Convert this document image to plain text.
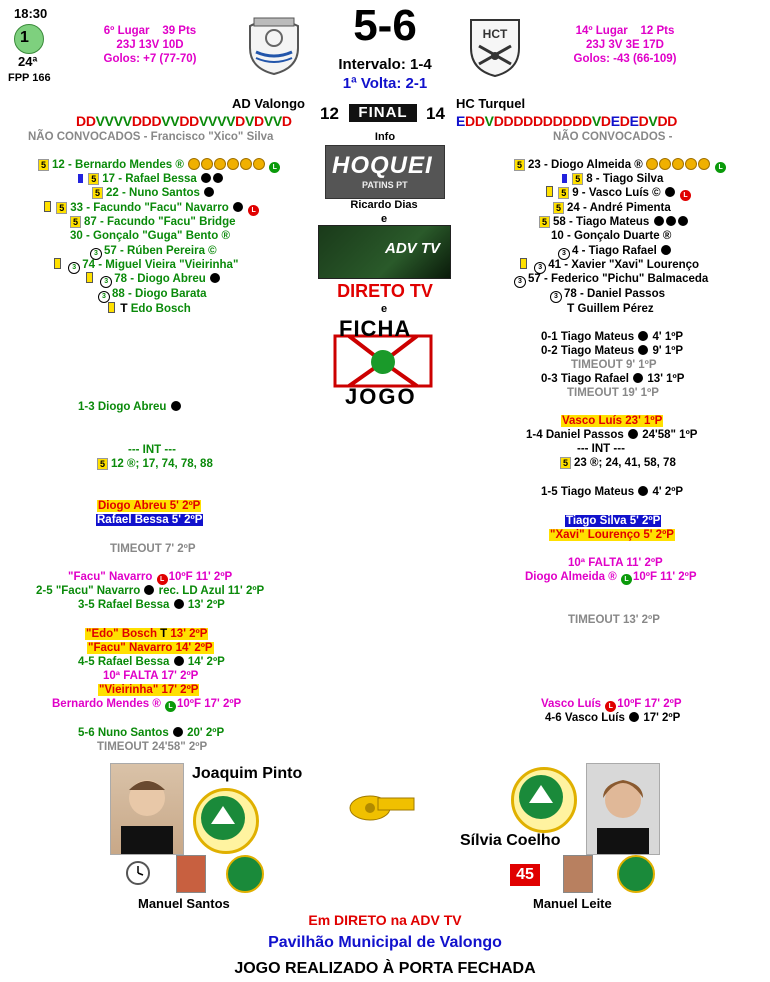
18:30
1
24ª
FPP 166
6º Lugar 39 Pts
23J 13V 10D
Golos: +7 (77-70)
5-6
Intervalo: 1-4
1ª Volta: 2-1
HCT	14º Lugar 12 Pts
23J 3V 3E 17D
Golos: -43 (66-109)
AD Valongo	HC Turquel
DDVVVVDDDVVDDVVVVDVDVVD 12	FINAL	14 EDDVDDDDDDDDDDVDEDEDVDD
NÃO CONVOCADOS - Francisco "Xico" Silva	NÃO CONVOCADOS -
Info
HOQUEI
PATINS PT
Ricardo Dias
e
ADV TV
DIRETO TV
e
FICHA
JOGO
5 12 - Bernardo Mendes ®	L
5 17 - Rafael Bessa
5 22 - Nuno Santos
5 33 - Facundo "Facu" Navarro	L
5 87 - Facundo "Facu" Bridge
30 - Gonçalo "Guga" Bento ®
3 57 - Rúben Pereira ©
3 74 - Miguel Vieira "Vieirinha"
3 78 - Diogo Abreu
3 88 - Diogo Barata
T Edo Bosch
5 23 - Diogo Almeida ®	L
5 8 - Tiago Silva
5 9 - Vasco Luís ©	L
5 24 - André Pimenta
5 58 - Tiago Mateus
10 - Gonçalo Duarte ®
3 4 - Tiago Rafael
3 41 - Xavier "Xavi" Lourenço
3 57 - Federico "Pichu" Balmaceda
3 78 - Daniel Passos
T Guillem Pérez
0-1 Tiago Mateus 4' 1ºP
0-2 Tiago Mateus 9' 1ºP
TIMEOUT 9' 1ºP
0-3 Tiago Rafael 13' 1ºP
TIMEOUT 19' 1ºP
Vasco Luís 23' 1ºP
1-4 Daniel Passos 24'58" 1ºP
--- INT ---
5 23 ®; 24, 41, 58, 78
1-5 Tiago Mateus 4' 2ºP
Tiago Silva 5' 2ºP
"Xavi" Lourenço 5' 2ºP
10ª FALTA 11' 2ºP
Diogo Almeida ® L 10ºF 11' 2ºP
TIMEOUT 13' 2ºP
Vasco Luís L 10ºF 17' 2ºP
4-6 Vasco Luís 17' 2ºP
1-3 Diogo Abreu
--- INT ---
5 12 ®; 17, 74, 78, 88
Diogo Abreu 5' 2ºP
Rafael Bessa 5' 2ºP
TIMEOUT 7' 2ºP
"Facu" Navarro L 10ºF 11' 2ºP
2-5 "Facu" Navarro rec. LD Azul 11' 2ºP
3-5 Rafael Bessa 13' 2ºP
"Edo" Bosch T 13' 2ºP
"Facu" Navarro 14' 2ºP
4-5 Rafael Bessa 14' 2ºP
10ª FALTA 17' 2ºP
"Vieirinha" 17' 2ºP
Bernardo Mendes ® L 10ºF 17' 2ºP
5-6 Nuno Santos 20' 2ºP
TIMEOUT 24'58" 2ºP
Joaquim Pinto
Sílvia Coelho
Manuel Santos
45
Manuel Leite
Em DIRETO na ADV TV
Pavilhão Municipal de Valongo
JOGO REALIZADO À PORTA FECHADA
